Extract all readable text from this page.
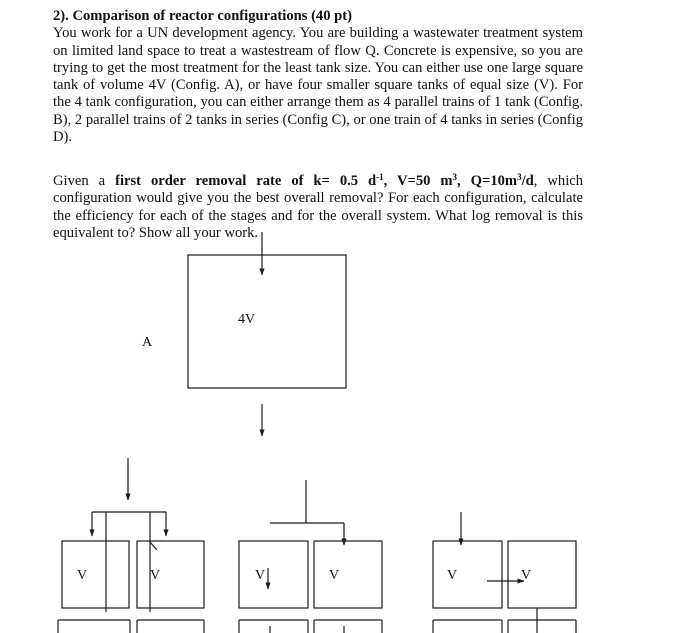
2). Comparison of reactor configurations (40 pt)
You work for a UN development agency. You are building a wastewater treatment system on limited land space to treat a wastestream of flow Q. Concrete is expensive, so you are trying to get the most treatment for the least tank size. You can either use one large square tank of volume 4V (Config. A), or have four smaller square tanks of equal size (V). For the 4 tank configuration, you can either arrange them as 4 parallel trains of 1 tank (Config. B), 2 parallel trains of 2 tanks in series (Config C), or one train of 4 tanks in series (Config D).
Given a first order removal rate of k= 0.5 $d^{-1}$, V=50 $m^3$, $Q=10m^3/d$, which configuration would give you the best overall removal? For each configuration, calculate the efficiency for each of the stages and for the overall system. What log removal is this equivalent to? Show all your work.
A
4V
V	V	V	V	V	V
